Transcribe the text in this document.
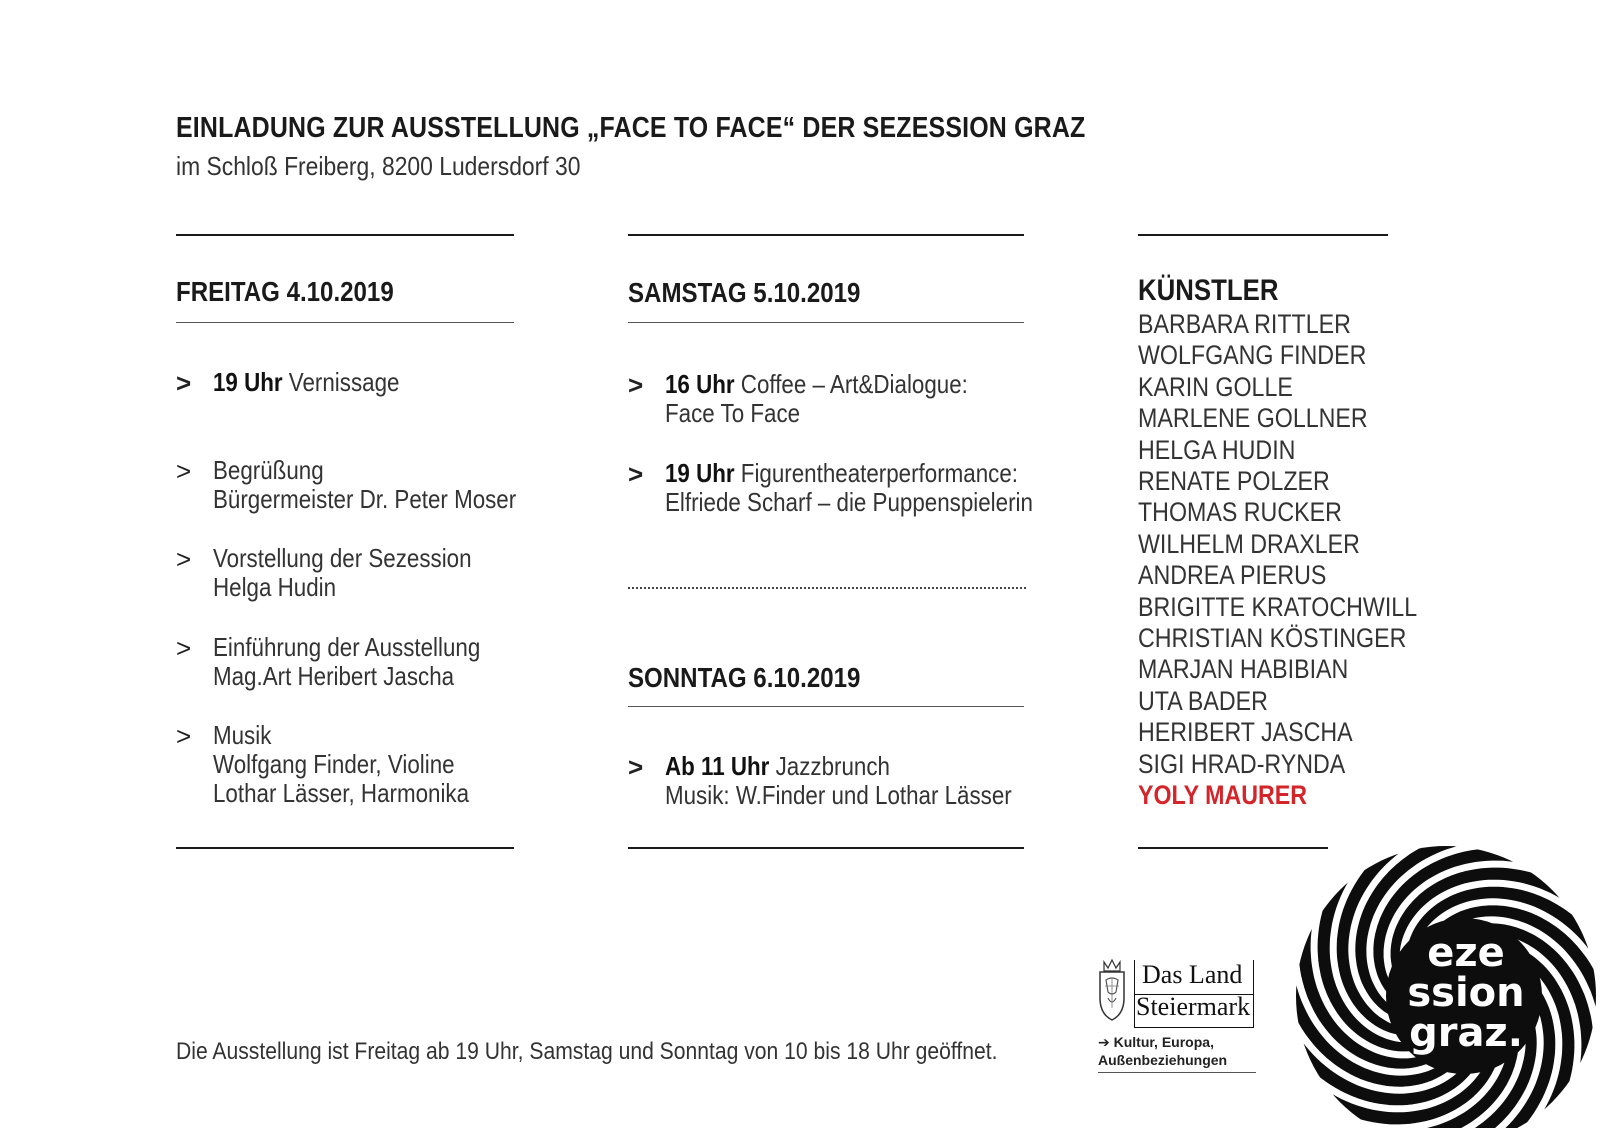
EINLADUNG ZUR AUSSTELLUNG „FACE TO FACE“ DER SEZESSION GRAZ
im Schloß Freiberg, 8200 Ludersdorf 30
FREITAG 4.10.2019
> 19 Uhr Vernissage
> Begrüßung
Bürgermeister Dr. Peter Moser
> Vorstellung der Sezession
Helga Hudin
> Einführung der Ausstellung
Mag.Art Heribert Jascha
> Musik
Wolfgang Finder, Violine
Lothar Lässer, Harmonika
SAMSTAG 5.10.2019
> 16 Uhr Coffee – Art&Dialogue:
Face To Face
> 19 Uhr Figurentheaterperformance:
Elfriede Scharf – die Puppenspielerin
SONNTAG 6.10.2019
> Ab 11 Uhr Jazzbrunch
Musik: W.Finder und Lothar Lässer
KÜNSTLER
BARBARA RITTLER
WOLFGANG FINDER
KARIN GOLLE
MARLENE GOLLNER
HELGA HUDIN
RENATE POLZER
THOMAS RUCKER
WILHELM DRAXLER
ANDREA PIERUS
BRIGITTE KRATOCHWILL
CHRISTIAN KÖSTINGER
MARJAN HABIBIAN
UTA BADER
HERIBERT JASCHA
SIGI HRAD-RYNDA
YOLY MAURER
Die Ausstellung ist Freitag ab 19 Uhr, Samstag und Sonntag von 10 bis 18 Uhr geöffnet.
Das Land
Steiermark
➔ Kultur, Europa,
Außenbeziehungen
eze
ssion
graz.
